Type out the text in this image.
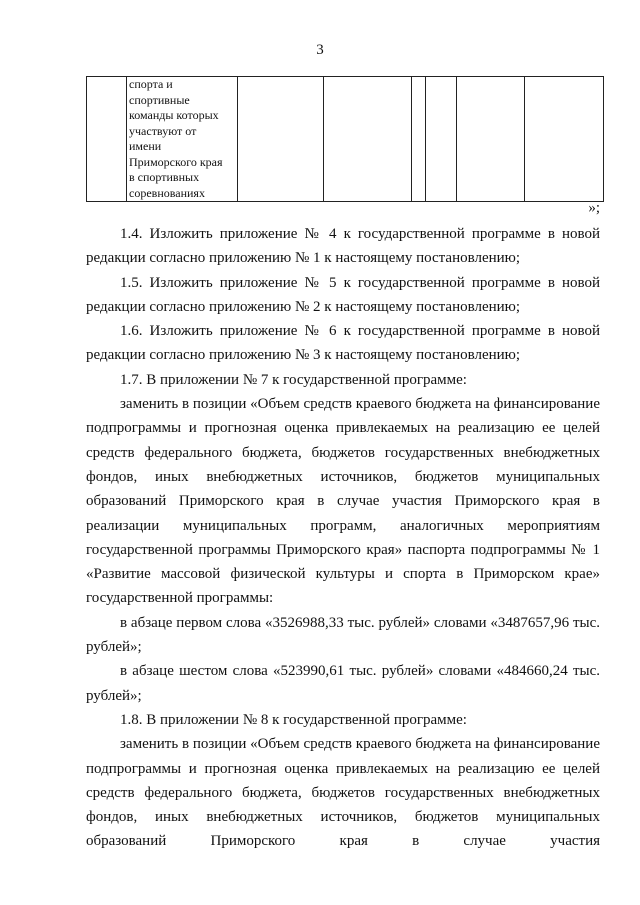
3

спорта и
спортивные
команды которых
участвуют от
имени
Приморского края
в спортивных
соревнованиях

»;

1.4. Изложить приложение № 4 к государственной программе в новой редакции согласно приложению № 1 к настоящему постановлению;

1.5. Изложить приложение № 5 к государственной программе в новой редакции согласно приложению № 2 к настоящему постановлению;

1.6. Изложить приложение № 6 к государственной программе в новой редакции согласно приложению № 3 к настоящему постановлению;

1.7. В приложении № 7 к государственной программе:

заменить в позиции «Объем средств краевого бюджета на финансирование подпрограммы и прогнозная оценка привлекаемых на реализацию ее целей средств федерального бюджета, бюджетов государственных внебюджетных фондов, иных внебюджетных источников, бюджетов муниципальных образований Приморского края в случае участия Приморского края в реализации муниципальных программ, аналогичных мероприятиям государственной программы Приморского края» паспорта подпрограммы № 1 «Развитие массовой физической культуры и спорта в Приморском крае» государственной программы:

в абзаце первом слова «3526988,33 тыс. рублей» словами «3487657,96 тыс. рублей»;

в абзаце шестом слова «523990,61 тыс. рублей» словами «484660,24 тыс. рублей»;

1.8. В приложении № 8 к государственной программе:

заменить в позиции «Объем средств краевого бюджета на финансирование подпрограммы и прогнозная оценка привлекаемых на реализацию ее целей средств федерального бюджета, бюджетов государственных внебюджетных фондов, иных внебюджетных источников, бюджетов муниципальных образований Приморского края в случае участия
